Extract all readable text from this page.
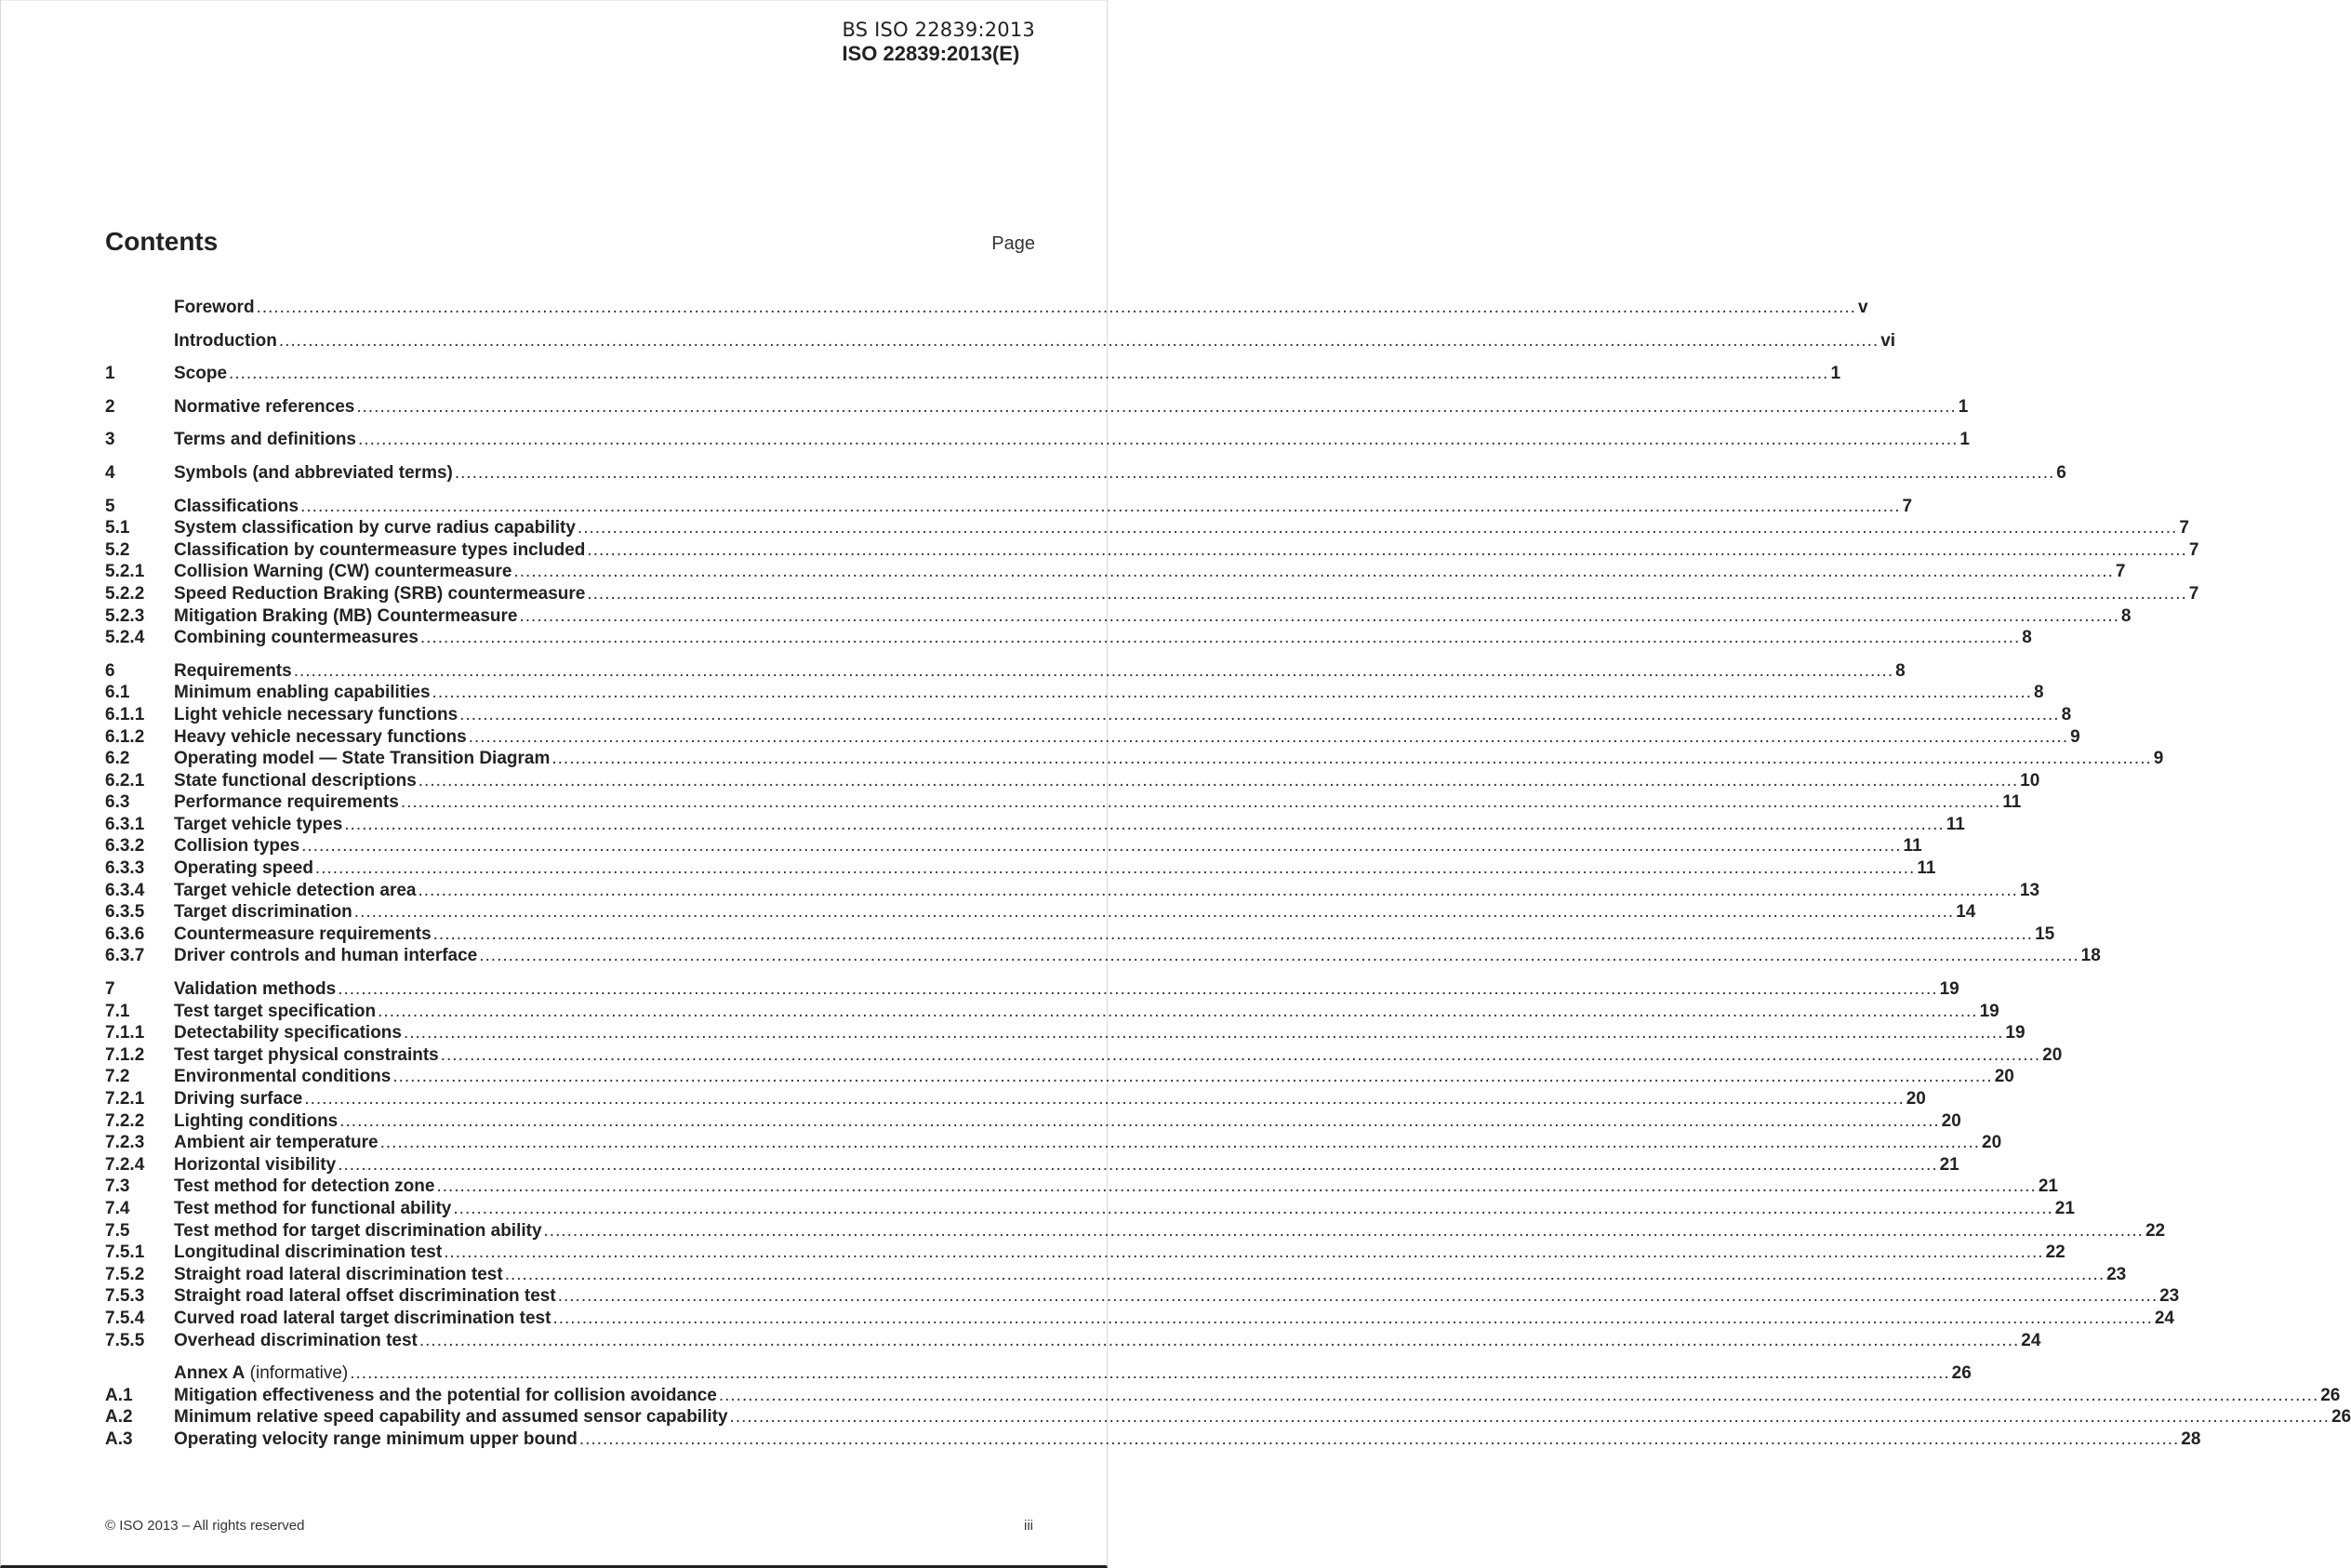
BS ISO 22839:2013
ISO 22839:2013(E)
Contents	Page
Foreword .....	v
Introduction .....	vi
1	Scope .....	1
2	Normative references .....	1
3	Terms and definitions .....	1
4	Symbols (and abbreviated terms) .....	6
5	Classifications .....	7
5.1	System classification by curve radius capability .....	7
5.2	Classification by countermeasure types included .....	7
5.2.1	Collision Warning (CW) countermeasure .....	7
5.2.2	Speed Reduction Braking (SRB) countermeasure .....	7
5.2.3	Mitigation Braking (MB) Countermeasure .....	8
5.2.4	Combining countermeasures .....	8
6	Requirements .....	8
6.1	Minimum enabling capabilities .....	8
6.1.1	Light vehicle necessary functions .....	8
6.1.2	Heavy vehicle necessary functions .....	9
6.2	Operating model — State Transition Diagram .....	9
6.2.1	State functional descriptions .....	10
6.3	Performance requirements .....	11
6.3.1	Target vehicle types .....	11
6.3.2	Collision types .....	11
6.3.3	Operating speed .....	11
6.3.4	Target vehicle detection area .....	13
6.3.5	Target discrimination .....	14
6.3.6	Countermeasure requirements .....	15
6.3.7	Driver controls and human interface .....	18
7	Validation methods .....	19
7.1	Test target specification .....	19
7.1.1	Detectability specifications .....	19
7.1.2	Test target physical constraints .....	20
7.2	Environmental conditions .....	20
7.2.1	Driving surface .....	20
7.2.2	Lighting conditions .....	20
7.2.3	Ambient air temperature .....	20
7.2.4	Horizontal visibility .....	21
7.3	Test method for detection zone .....	21
7.4	Test method for functional ability .....	21
7.5	Test method for target discrimination ability .....	22
7.5.1	Longitudinal discrimination test .....	22
7.5.2	Straight road lateral discrimination test .....	23
7.5.3	Straight road lateral offset discrimination test .....	23
7.5.4	Curved road lateral target discrimination test .....	24
7.5.5	Overhead discrimination test .....	24
Annex A (informative) .....	26
A.1	Mitigation effectiveness and the potential for collision avoidance .....	26
A.2	Minimum relative speed capability and assumed sensor capability .....	26
A.3	Operating velocity range minimum upper bound .....	28
© ISO 2013 – All rights reserved	iii
